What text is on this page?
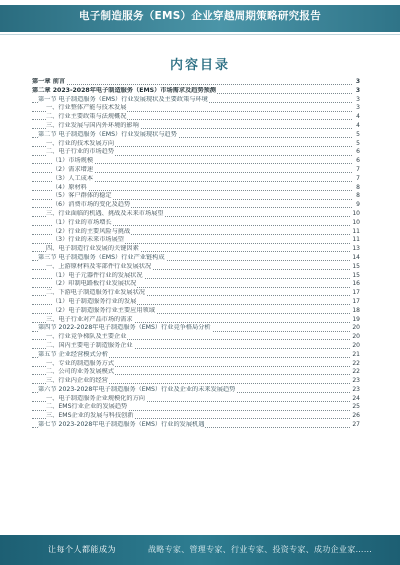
电子制造服务（EMS）企业穿越周期策略研究报告
内容目录
第一章 前言	3
第二章 2023-2028年电子制造服务（EMS）市场需求及趋势预测	3
第一节 电子制造服务（EMS）行业发展现状及主要政策与环境	3
一、行业整体产能与技术发展	3
二、行业主要政策与法规概况	4
三、行业发展与国内外环境的影响	4
第二节 电子制造服务（EMS）行业发展现状与趋势	5
一、行业的技术发展方向	5
二、电子行业的市场趋势	6
（1）市场规模	6
（2）需求增速	7
（3）人工成本	7
（4）原材料	8
（5）客户群体的稳定	8
（6）消费市场的变化及趋势	9
三、行业面临的机遇、挑战及未来市场展望	10
（1）行业的市场增长	10
（2）行业的主要风险与挑战	11
（3）行业的未来市场展望	11
四、电子制造行业发展的关键因素	13
第三节 电子制造服务（EMS）行业产业链构成	14
一、上游原材料及零部件行业发展状况	15
（1）电子元器件行业的发展状况	15
（2）印制电路板行业发展状况	16
二、下游电子制造服务行业发展状况	17
（1）电子制造服务行业的发展	17
（2）电子制造服务行业主要应用领域	18
三、电子行业对产品市场的需求	19
第四节 2022-2028年电子制造服务（EMS）行业竞争格局分析	20
一、行业竞争梯队及主要企业	20
二、国内主要电子制造服务企业	20
第五节 企业经营模式分析	21
一、专业的制造服务方式	22
二、公司的业务发展模式	22
三、行业内企业的经营	23
第六节 2023-2028年电子制造服务（EMS）行业及企业的未来发展趋势	23
一、电子制造服务企业规模化的方向	24
二、EMS行业企业的发展趋势	25
三、EMS企业的发展与科技创新	26
第七节 2023-2028年电子制造服务（EMS）行业的发展机遇	27
让每个人都能成为	战略专家、管理专家、行业专家、投资专家、成功企业家……
